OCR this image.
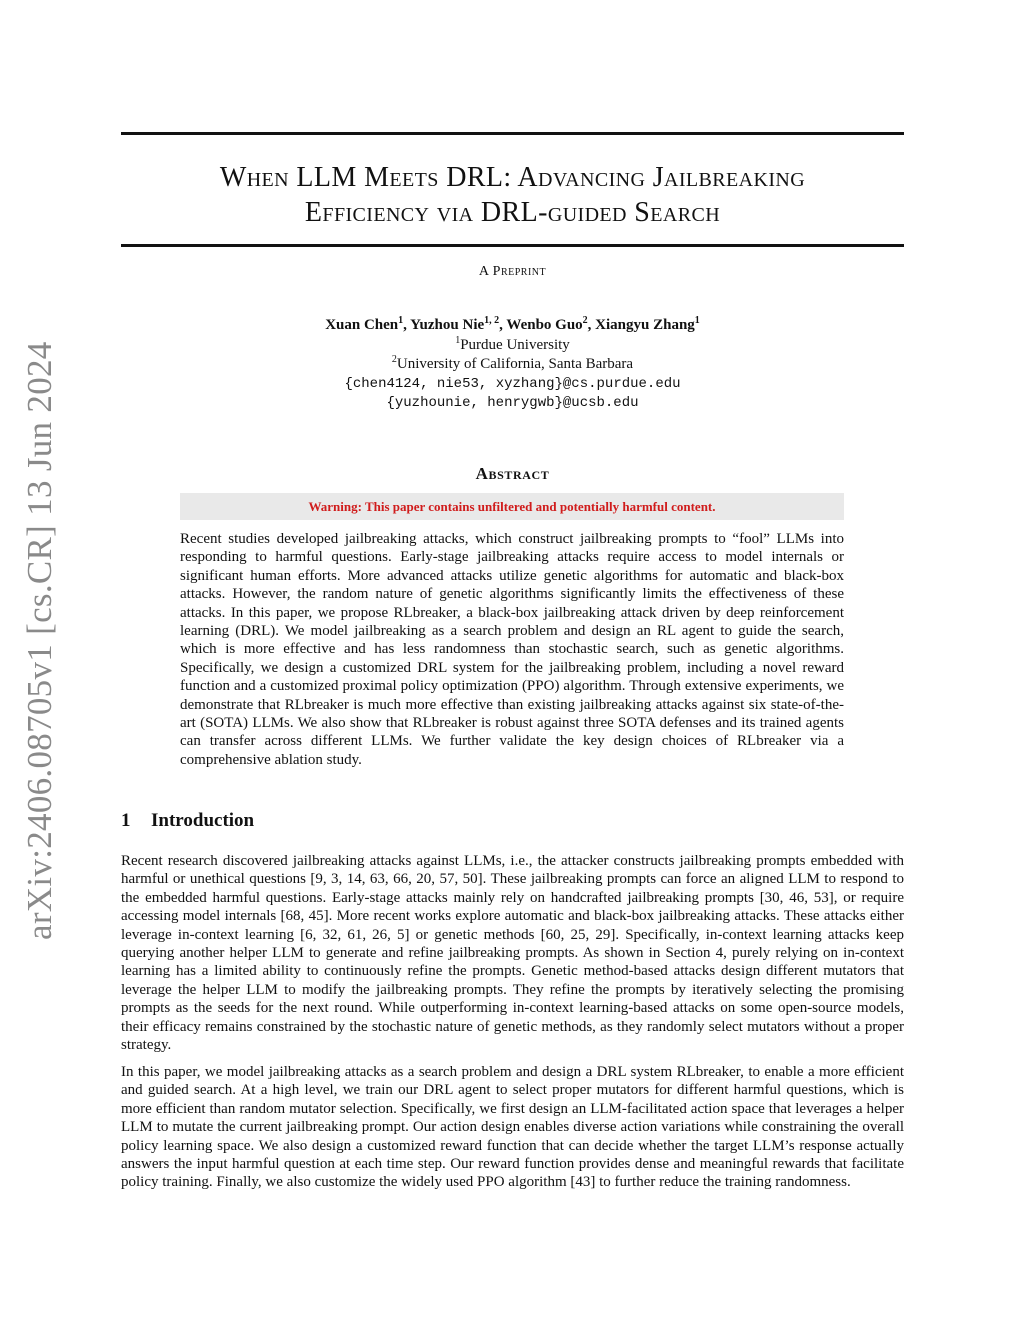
arXiv:2406.08705v1 [cs.CR] 13 Jun 2024
When LLM Meets DRL: Advancing Jailbreaking
Efficiency via DRL-guided Search
A Preprint
Xuan Chen$^1$, Yuzhou Nie$^{1, 2}$, Wenbo Guo$^2$, Xiangyu Zhang$^1$
$^1$Purdue University
$^2$University of California, Santa Barbara
{chen4124, nie53, xyzhang}@cs.purdue.edu
{yuzhounie, henrygwb}@ucsb.edu
Abstract
Warning: This paper contains unfiltered and potentially harmful content.

Recent studies developed jailbreaking attacks, which construct jailbreaking prompts to “fool” LLMs into responding to harmful questions. Early-stage jailbreaking attacks require access to model internals or significant human efforts. More advanced attacks utilize genetic algorithms for automatic and black-box attacks. However, the random nature of genetic algorithms significantly limits the effectiveness of these attacks. In this paper, we propose RLbreaker, a black-box jailbreaking attack driven by deep reinforcement learning (DRL). We model jailbreaking as a search problem and design an RL agent to guide the search, which is more effective and has less randomness than stochastic search, such as genetic algorithms. Specifically, we design a customized DRL system for the jailbreaking problem, including a novel reward function and a customized proximal policy optimization (PPO) algorithm. Through extensive experiments, we demonstrate that RLbreaker is much more effective than existing jailbreaking attacks against six state-of-the-art (SOTA) LLMs. We also show that RLbreaker is robust against three SOTA defenses and its trained agents can transfer across different LLMs. We further validate the key design choices of RLbreaker via a comprehensive ablation study.

1 Introduction

Recent research discovered jailbreaking attacks against LLMs, i.e., the attacker constructs jailbreaking prompts embedded with harmful or unethical questions [9, 3, 14, 63, 66, 20, 57, 50]. These jailbreaking prompts can force an aligned LLM to respond to the embedded harmful questions. Early-stage attacks mainly rely on handcrafted jailbreaking prompts [30, 46, 53], or require accessing model internals [68, 45]. More recent works explore automatic and black-box jailbreaking attacks. These attacks either leverage in-context learning [6, 32, 61, 26, 5] or genetic methods [60, 25, 29]. Specifically, in-context learning attacks keep querying another helper LLM to generate and refine jailbreaking prompts. As shown in Section 4, purely relying on in-context learning has a limited ability to continuously refine the prompts. Genetic method-based attacks design different mutators that leverage the helper LLM to modify the jailbreaking prompts. They refine the prompts by iteratively selecting the promising prompts as the seeds for the next round. While outperforming in-context learning-based attacks on some open-source models, their efficacy remains constrained by the stochastic nature of genetic methods, as they randomly select mutators without a proper strategy.

In this paper, we model jailbreaking attacks as a search problem and design a DRL system RLbreaker, to enable a more efficient and guided search. At a high level, we train our DRL agent to select proper mutators for different harmful questions, which is more efficient than random mutator selection. Specifically, we first design an LLM-facilitated action space that leverages a helper LLM to mutate the current jailbreaking prompt. Our action design enables diverse action variations while constraining the overall policy learning space. We also design a customized reward function that can decide whether the target LLM’s response actually answers the input harmful question at each time step. Our reward function provides dense and meaningful rewards that facilitate policy training. Finally, we also customize the widely used PPO algorithm [43] to further reduce the training randomness.
